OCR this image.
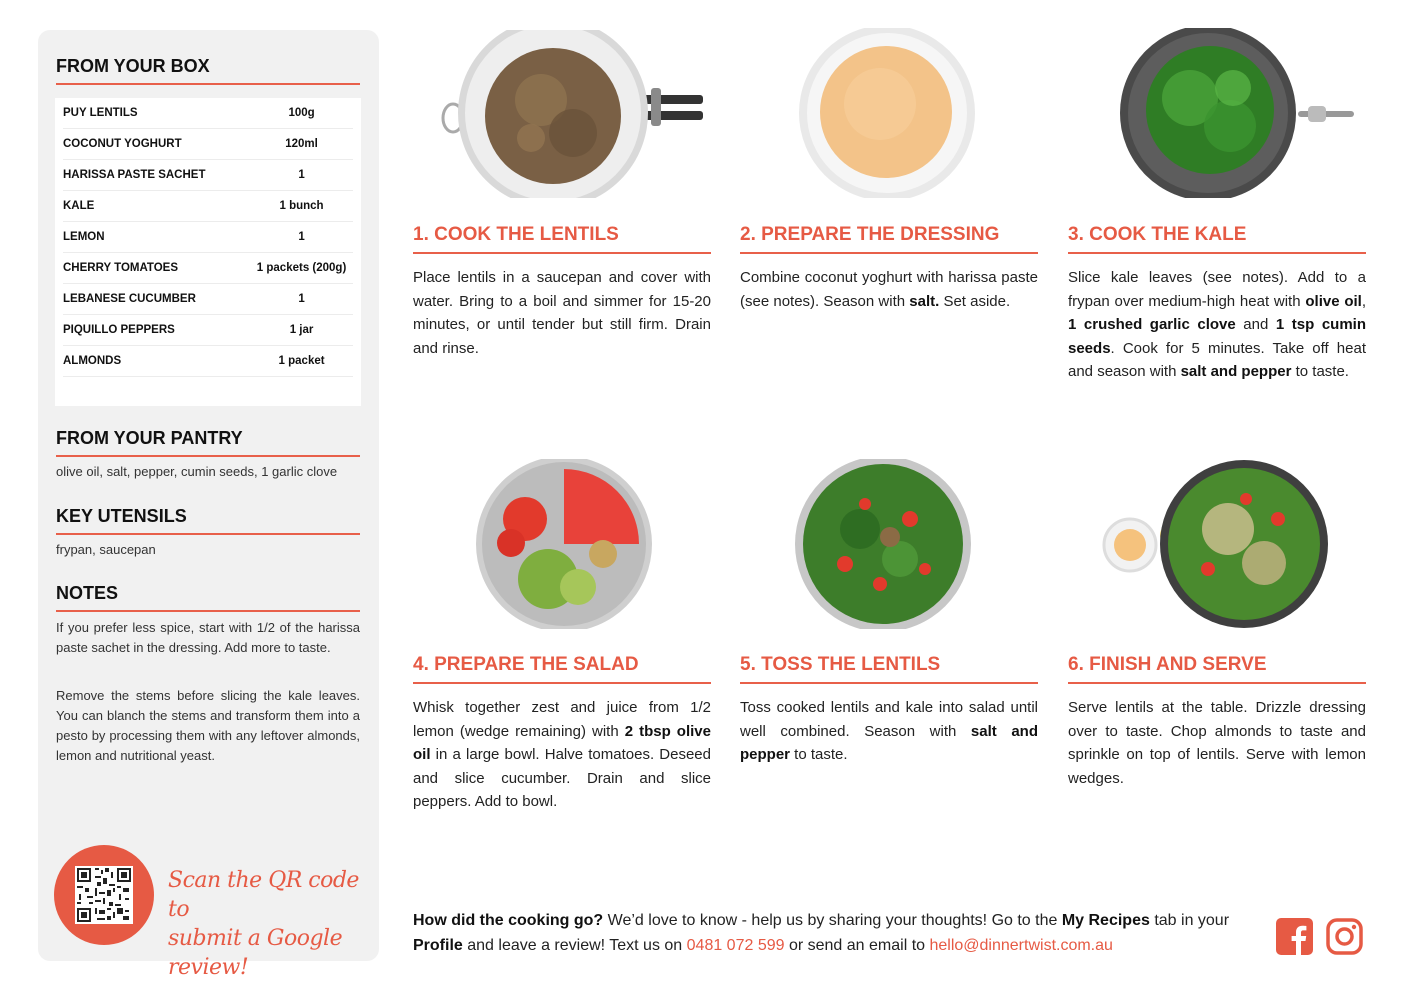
FROM YOUR BOX
PUY LENTILS	100g
COCONUT YOGHURT	120ml
HARISSA PASTE SACHET	1
KALE	1 bunch
LEMON	1
CHERRY TOMATOES	1 packets (200g)
LEBANESE CUCUMBER	1
PIQUILLO PEPPERS	1 jar
ALMONDS	1 packet
FROM YOUR PANTRY
olive oil, salt, pepper, cumin seeds, 1 garlic clove
KEY UTENSILS
frypan, saucepan
NOTES
If you prefer less spice, start with 1/2 of the harissa paste sachet in the dressing. Add more to taste.
Remove the stems before slicing the kale leaves. You can blanch the stems and transform them into a pesto by processing them with any leftover almonds, lemon and nutritional yeast.
Scan the QR code to
submit a Google review!
1. COOK THE LENTILS
Place lentils in a saucepan and cover with water. Bring to a boil and simmer for 15-20 minutes, or until tender but still firm. Drain and rinse.
2. PREPARE THE DRESSING
Combine coconut yoghurt with harissa paste (see notes). Season with salt. Set aside.
3. COOK THE KALE
Slice kale leaves (see notes). Add to a frypan over medium-high heat with olive oil, 1 crushed garlic clove and 1 tsp cumin seeds. Cook for 5 minutes. Take off heat and season with salt and pepper to taste.
4. PREPARE THE SALAD
Whisk together zest and juice from 1/2 lemon (wedge remaining) with 2 tbsp olive oil in a large bowl. Halve tomatoes. Deseed and slice cucumber. Drain and slice peppers. Add to bowl.
5. TOSS THE LENTILS
Toss cooked lentils and kale into salad until well combined. Season with salt and pepper to taste.
6. FINISH AND SERVE
Serve lentils at the table. Drizzle dressing over to taste. Chop almonds to taste and sprinkle on top of lentils. Serve with lemon wedges.
How did the cooking go? We’d love to know - help us by sharing your thoughts! Go to the My Recipes tab in your Profile and leave a review! Text us on 0481 072 599 or send an email to hello@dinnertwist.com.au
